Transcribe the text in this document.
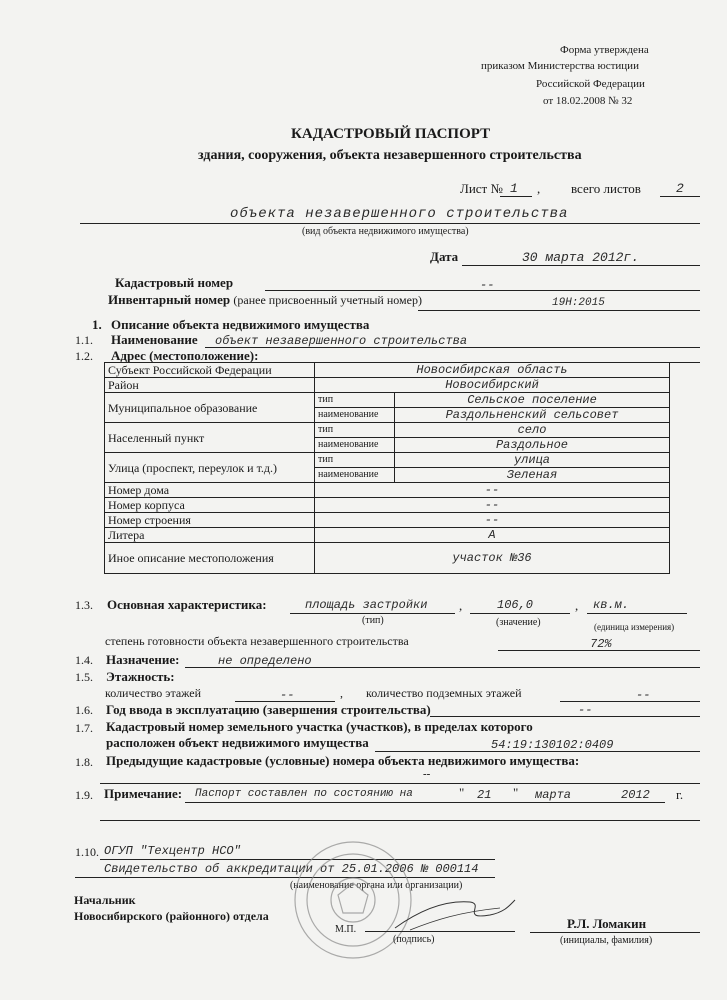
Форма утверждена
приказом Министерства юстиции
Российской Федерации
от 18.02.2008 № 32
КАДАСТРОВЫЙ ПАСПОРТ
здания, сооружения, объекта незавершенного строительства
Лист № 1 , всего листов	2
объекта незавершенного строительства
(вид объекта недвижимого имущества)
Дата	30 марта 2012г.
Кадастровый номер	--
Инвентарный номер (ранее присвоенный учетный номер)	19Н:2015
1. Описание объекта недвижимого имущества
1.1. Наименование объект незавершенного строительства
1.2. Адрес (местоположение):
Субъект Российской Федерации	Новосибирская область	
Район	Новосибирский	
Муниципальное образование	тип	Сельское поселение
	наименование	Раздольненский сельсовет
Населенный пункт	тип	село
	наименование	Раздольное
Улица (проспект, переулок и т.д.)	тип	улица
	наименование	Зеленая
Номер дома	--	
Номер корпуса	--	
Номер строения	--	
Литера	А	
Иное описание местоположения	участок №36	
1.3. Основная характеристика:	площадь застройки ,	106,0	, кв.м.
(тип)	(значение)	(единица измерения)
степень готовности объекта незавершенного строительства	72%
1.4. Назначение:	не определено
1.5. Этажность:
количество этажей	--	, количество подземных этажей	--
1.6. Год ввода в эксплуатацию (завершения строительства)	--
1.7. Кадастровый номер земельного участка (участков), в пределах которого
расположен объект недвижимого имущества	54:19:130102:0409
1.8. Предыдущие кадастровые (условные) номера объекта недвижимого имущества:
--
1.9. Примечание: Паспорт составлен по состоянию на	" 21 " марта	2012 г.
1.10. ОГУП "Техцентр НСО"
Свидетельство об аккредитации от 25.01.2006 № 000114
(наименование органа или организации)
Начальник
Новосибирского (районного) отдела
М.П.
(подпись)
Р.Л. Ломакин
(инициалы, фамилия)
